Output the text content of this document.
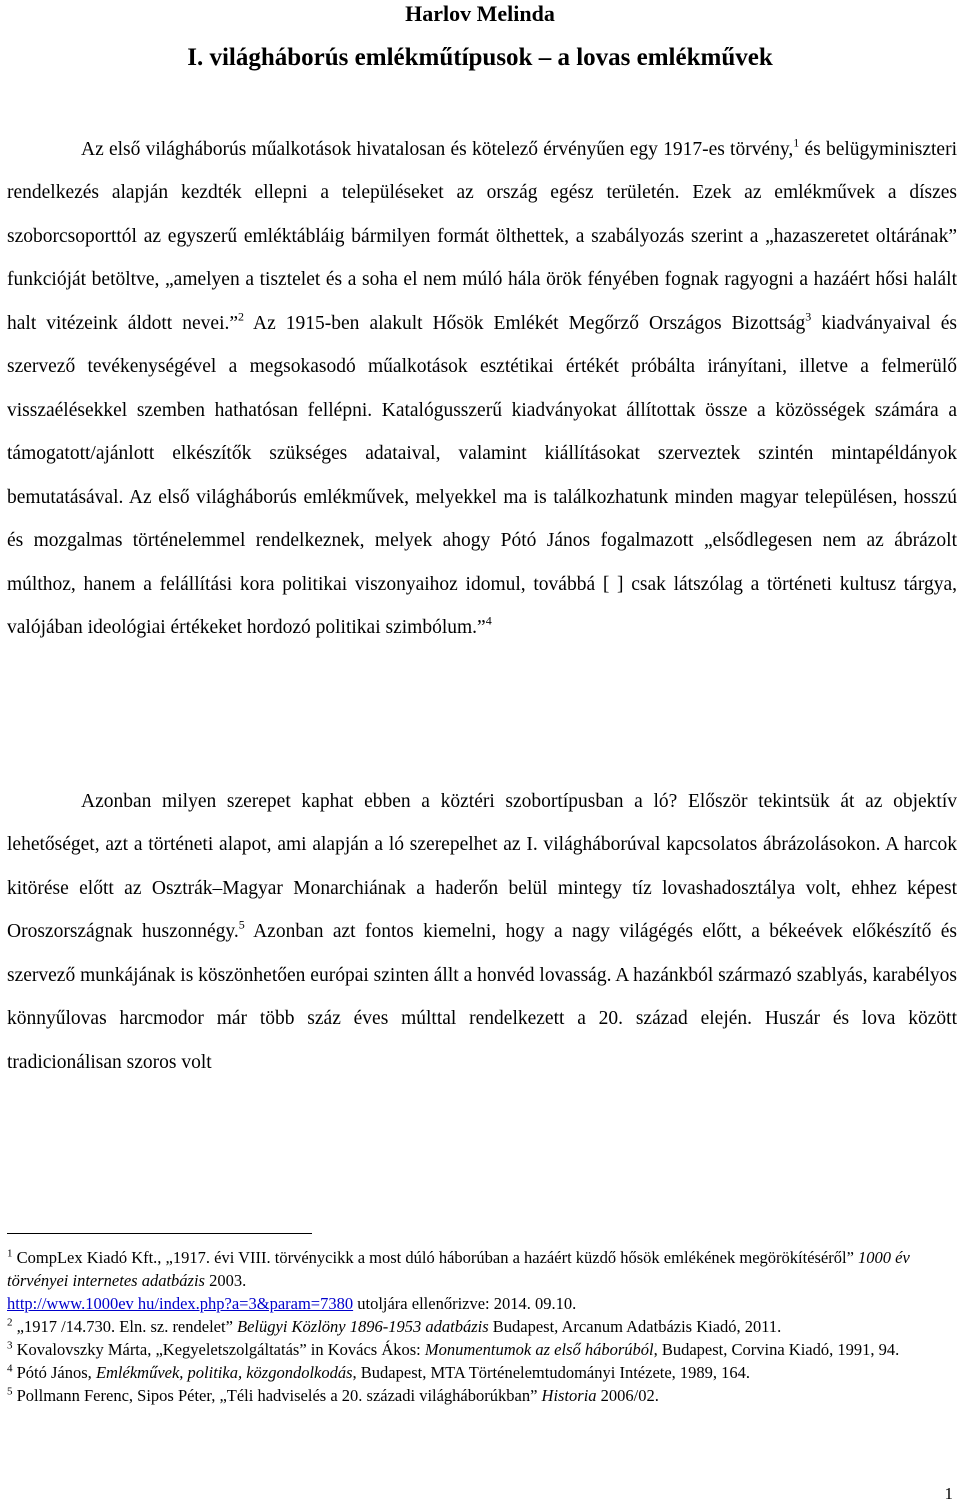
Harlov Melinda
I. világháborús emlékműtípusok – a lovas emlékművek

Az első világháborús műalkotások hivatalosan és kötelező érvényűen egy 1917-es törvény,$^1$ és belügyminiszteri rendelkezés alapján kezdték ellepni a településeket az ország egész területén. Ezek az emlékművek a díszes szoborcsoporttól az egyszerű emléktábláig bármilyen formát ölthettek, a szabályozás szerint a „hazaszeretet oltárának” funkcióját betöltve, „amelyen a tisztelet és a soha el nem múló hála örök fényében fognak ragyogni a hazáért hősi halált halt vitézeink áldott nevei.”$^2$ Az 1915-ben alakult Hősök Emlékét Megőrző Országos Bizottság$^3$ kiadványaival és szervező tevékenységével a megsokasodó műalkotások esztétikai értékét próbálta irányítani, illetve a felmerülő visszaélésekkel szemben hathatósan fellépni. Katalógusszerű kiadványokat állítottak össze a közösségek számára a támogatott/ajánlott elkészítők szükséges adataival, valamint kiállításokat szerveztek szintén mintapéldányok bemutatásával. Az első világháborús emlékművek, melyekkel ma is találkozhatunk minden magyar településen, hosszú és mozgalmas történelemmel rendelkeznek, melyek ahogy Pótó János fogalmazott „elsődlegesen nem az ábrázolt múlthoz, hanem a felállítási kora politikai viszonyaihoz idomul, továbbá [ ] csak látszólag a történeti kultusz tárgya, valójában ideológiai értékeket hordozó politikai szimbólum.”$^4$

Azonban milyen szerepet kaphat ebben a köztéri szobortípusban a ló? Először tekintsük át az objektív lehetőséget, azt a történeti alapot, ami alapján a ló szerepelhet az I. világháborúval kapcsolatos ábrázolásokon. A harcok kitörése előtt az Osztrák–Magyar Monarchiának a haderőn belül mintegy tíz lovashadosztálya volt, ehhez képest Oroszországnak huszonnégy.$^5$ Azonban azt fontos kiemelni, hogy a nagy világégés előtt, a békeévek előkészítő és szervező munkájának is köszönhetően európai szinten állt a honvéd lovasság. A hazánkból származó szablyás, karabélyos könnyűlovas harcmodor már több száz éves múlttal rendelkezett a 20. század elején. Huszár és lova között tradicionálisan szoros volt

$^1$ CompLex Kiadó Kft., „1917. évi VIII. törvénycikk a most dúló háborúban a hazáért küzdő hősök emlékének megörökítéséről” 1000 év törvényei internetes adatbázis 2003.
http://www.1000ev hu/index.php?a=3&param=7380 utoljára ellenőrizve: 2014. 09.10.

$^2$ „1917 /14.730. Eln. sz. rendelet” Belügyi Közlöny 1896-1953 adatbázis Budapest, Arcanum Adatbázis Kiadó, 2011.

$^3$ Kovalovszky Márta, „Kegyeletszolgáltatás” in Kovács Ákos: Monumentumok az első háborúból, Budapest, Corvina Kiadó, 1991, 94.

$^4$ Pótó János, Emlékművek, politika, közgondolkodás, Budapest, MTA Történelemtudományi Intézete, 1989, 164.

$^5$ Pollmann Ferenc, Sipos Péter, „Téli hadviselés a 20. századi világháborúkban” Historia 2006/02.

1
